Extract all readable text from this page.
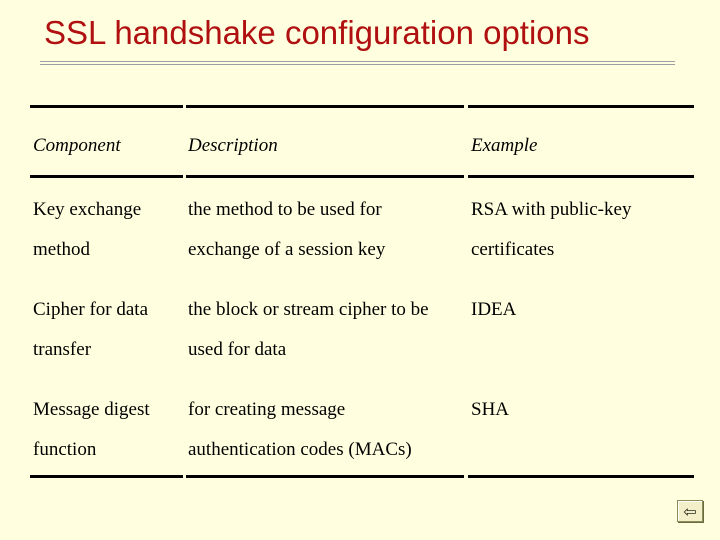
SSL handshake configuration options
Component	Description	Example
Key exchange
method
the method to be used for
exchange of a session key
RSA with public-key
certificates
Cipher for data
transfer
the block or stream cipher to be
used for data
IDEA
Message digest
function
for creating message
authentication codes (MACs)
SHA
⇦
